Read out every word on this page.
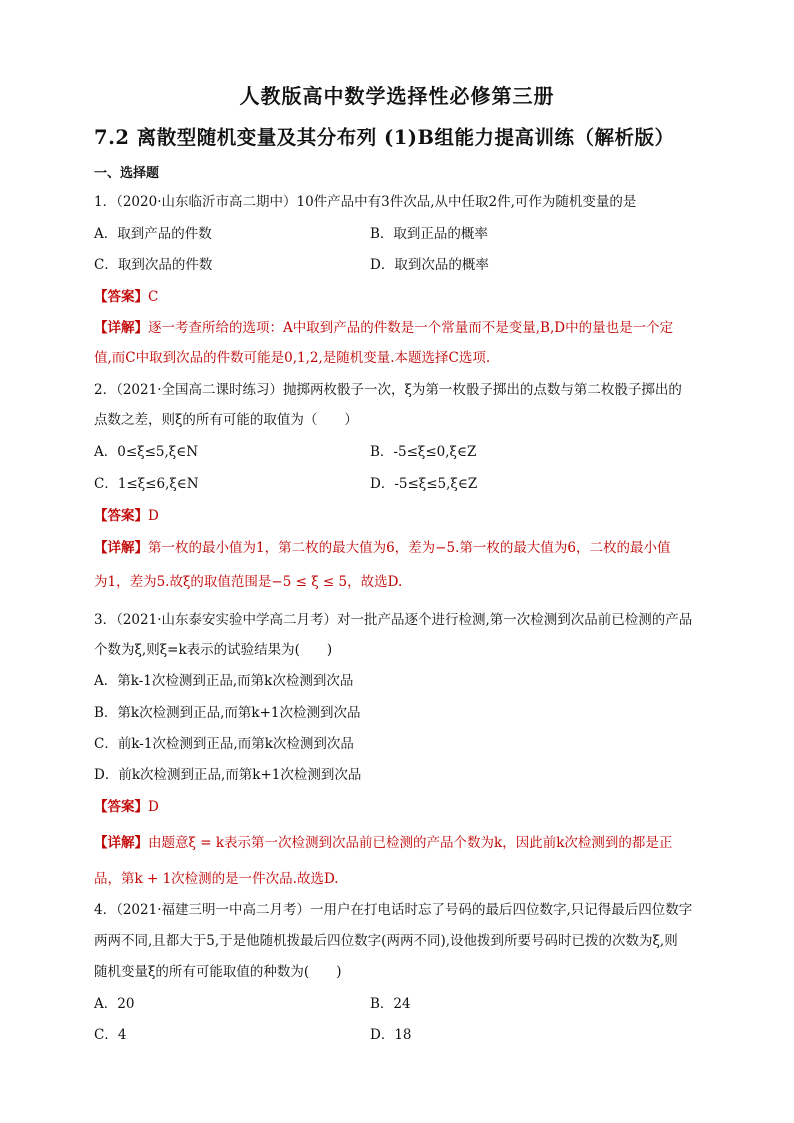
人教版高中数学选择性必修第三册
7.2 离散型随机变量及其分布列 (1)B组能力提高训练（解析版）
一、选择题
1．（2020·山东临沂市高二期中）10件产品中有3件次品,从中任取2件,可作为随机变量的是
A．取到产品的件数	B．取到正品的概率
C．取到次品的件数	D．取到次品的概率
【答案】C
【详解】逐一考查所给的选项：A中取到产品的件数是一个常量而不是变量,B,D中的量也是一个定
值,而C中取到次品的件数可能是0,1,2,是随机变量.本题选择C选项.
2．（2021·全国高二课时练习）抛掷两枚骰子一次，ξ为第一枚骰子掷出的点数与第二枚骰子掷出的
点数之差，则ξ的所有可能的取值为（　　）
A．0≤ξ≤5,ξ∈N	B．-5≤ξ≤0,ξ∈Z
C．1≤ξ≤6,ξ∈N	D．-5≤ξ≤5,ξ∈Z
【答案】D
【详解】第一枚的最小值为1，第二枚的最大值为6，差为−5.第一枚的最大值为6，二枚的最小值
为1，差为5.故ξ的取值范围是−5 ≤ ξ ≤ 5，故选D.
3．（2021·山东泰安实验中学高二月考）对一批产品逐个进行检测,第一次检测到次品前已检测的产品
个数为ξ,则ξ=k表示的试验结果为(　　)
A．第k-1次检测到正品,而第k次检测到次品
B．第k次检测到正品,而第k+1次检测到次品
C．前k-1次检测到正品,而第k次检测到次品
D．前k次检测到正品,而第k+1次检测到次品
【答案】D
【详解】由题意ξ = k表示第一次检测到次品前已检测的产品个数为k，因此前k次检测到的都是正
品，第k + 1次检测的是一件次品.故选D.
4．（2021·福建三明一中高二月考）一用户在打电话时忘了号码的最后四位数字,只记得最后四位数字
两两不同,且都大于5,于是他随机拨最后四位数字(两两不同),设他拨到所要号码时已拨的次数为ξ,则
随机变量ξ的所有可能取值的种数为(　　)
A．20	B．24
C．4	D．18
